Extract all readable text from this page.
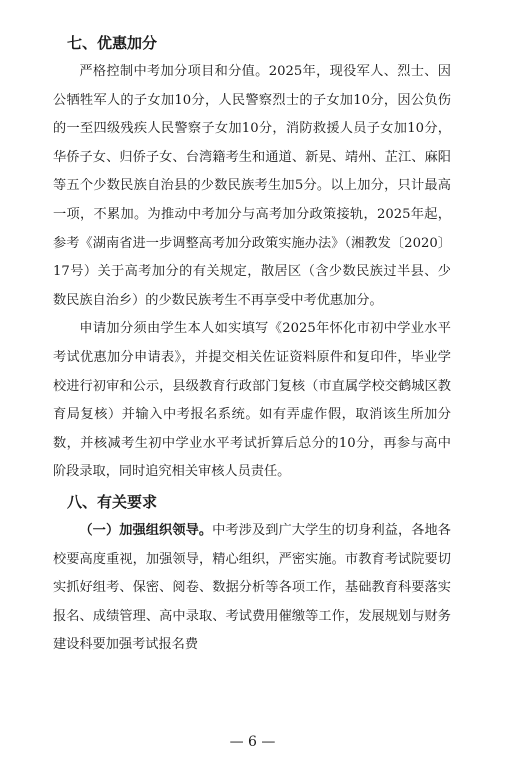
七、优惠加分

严格控制中考加分项目和分值。2025年，现役军人、烈士、因公牺牲军人的子女加10分，人民警察烈士的子女加10分，因公负伤的一至四级残疾人民警察子女加10分，消防救援人员子女加10分，华侨子女、归侨子女、台湾籍考生和通道、新晃、靖州、芷江、麻阳等五个少数民族自治县的少数民族考生加5分。以上加分，只计最高一项，不累加。为推动中考加分与高考加分政策接轨，2025年起，参考《湖南省进一步调整高考加分政策实施办法》（湘教发〔2020〕17号）关于高考加分的有关规定，散居区（含少数民族过半县、少数民族自治乡）的少数民族考生不再享受中考优惠加分。

申请加分须由学生本人如实填写《2025年怀化市初中学业水平考试优惠加分申请表》，并提交相关佐证资料原件和复印件，毕业学校进行初审和公示，县级教育行政部门复核（市直属学校交鹤城区教育局复核）并输入中考报名系统。如有弄虚作假，取消该生所加分数，并核减考生初中学业水平考试折算后总分的10分，再参与高中阶段录取，同时追究相关审核人员责任。

八、有关要求

（一）加强组织领导。中考涉及到广大学生的切身利益，各地各校要高度重视，加强领导，精心组织，严密实施。市教育考试院要切实抓好组考、保密、阅卷、数据分析等各项工作，基础教育科要落实报名、成绩管理、高中录取、考试费用催缴等工作，发展规划与财务建设科要加强考试报名费

— 6 —
